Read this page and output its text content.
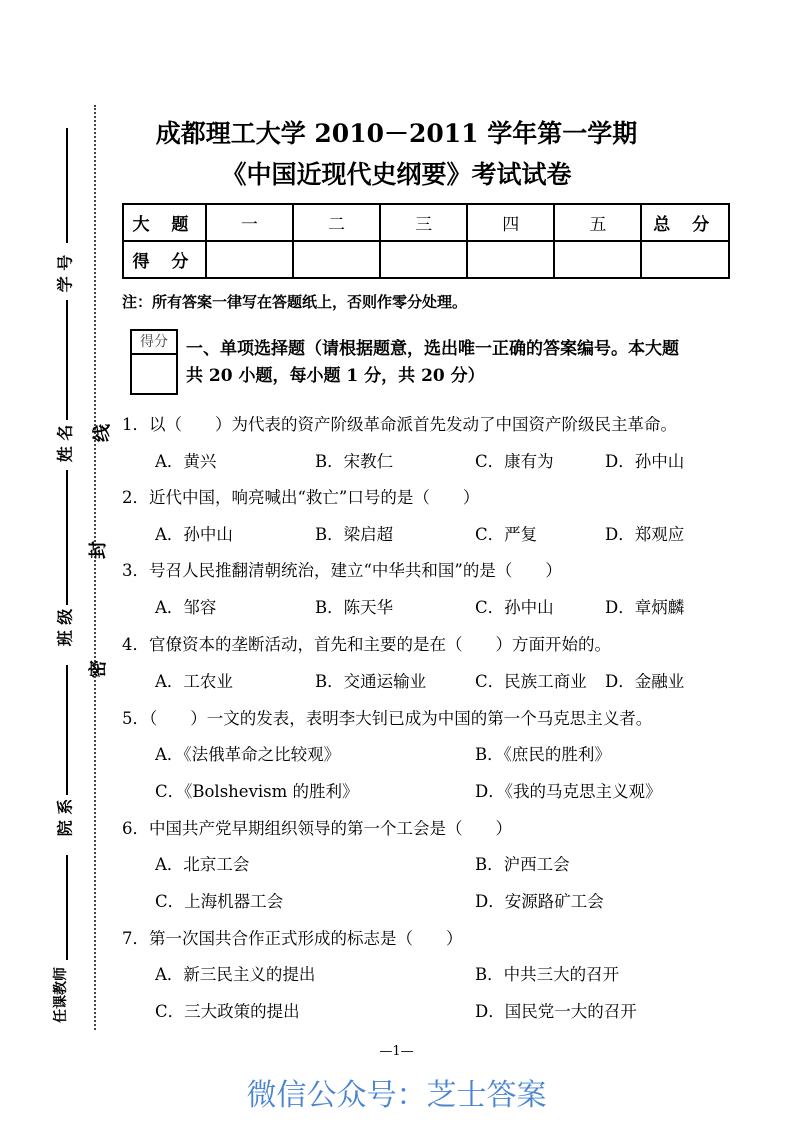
学 号
姓 名
班 级
院 系
任课教师
线
封
密
成都理工大学 2010－2011 学年第一学期
《中国近现代史纲要》考试试卷
大 题	一	二	三	四	五	总 分
得 分						
注：所有答案一律写在答题纸上，否则作零分处理。
得分	一、单项选择题（请根据题意，选出唯一正确的答案编号。本大题
共 20 小题，每小题 1 分，共 20 分）
1．以（　　）为代表的资产阶级革命派首先发动了中国资产阶级民主革命。
A．黄兴	B．宋教仁	C．康有为	D．孙中山
2．近代中国，响亮喊出“救亡”口号的是（　　）
A．孙中山	B．梁启超	C．严复	D．郑观应
3．号召人民推翻清朝统治，建立“中华共和国”的是（　　）
A．邹容	B．陈天华	C．孙中山	D．章炳麟
4．官僚资本的垄断活动，首先和主要的是在（　　）方面开始的。
A．工农业	B．交通运输业	C．民族工商业 D．金融业
5．（　　）一文的发表，表明李大钊已成为中国的第一个马克思主义者。
A．《法俄革命之比较观》	B．《庶民的胜利》
C．《Bolshevism 的胜利》	D．《我的马克思主义观》
6．中国共产党早期组织领导的第一个工会是（　　）
A．北京工会	B．沪西工会
C．上海机器工会	D．安源路矿工会
7．第一次国共合作正式形成的标志是（　　）
A．新三民主义的提出	B．中共三大的召开
C．三大政策的提出	D．国民党一大的召开
—1—
微信公众号：芝士答案
